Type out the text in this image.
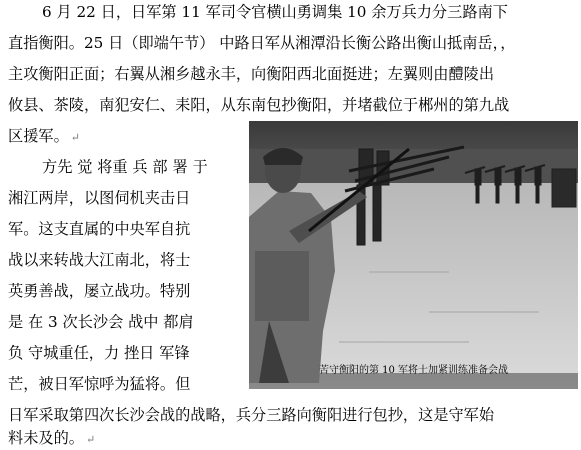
6 月 22 日，日军第 11 军司令官横山勇调集 10 余万兵力分三路南下
直指衡阳。25 日（即端午节） 中路日军从湘潭沿长衡公路出衡山抵南岳，，
主攻衡阳正面；右翼从湘乡越永丰，向衡阳西北面挺进；左翼则由醴陵出
攸县、茶陵，南犯安仁、耒阳，从东南包抄衡阳，并堵截位于郴州的第九战
区援军。 ↵
方先 觉 将重 兵 部 署 于
湘江两岸，以图伺机夹击日
军。这支直属的中央军自抗
战以来转战大江南北，将士
英勇善战，屡立战功。特别
是 在 3 次长沙会 战中 都肩
负 守城重任，力 挫日 军锋
芒，被日军惊呼为猛将。但
日军采取第四次长沙会战的战略，兵分三路向衡阳进行包抄，这是守军始
料未及的。 ↵
苦守衡阳的第 10 军将士加紧训练准备会战
